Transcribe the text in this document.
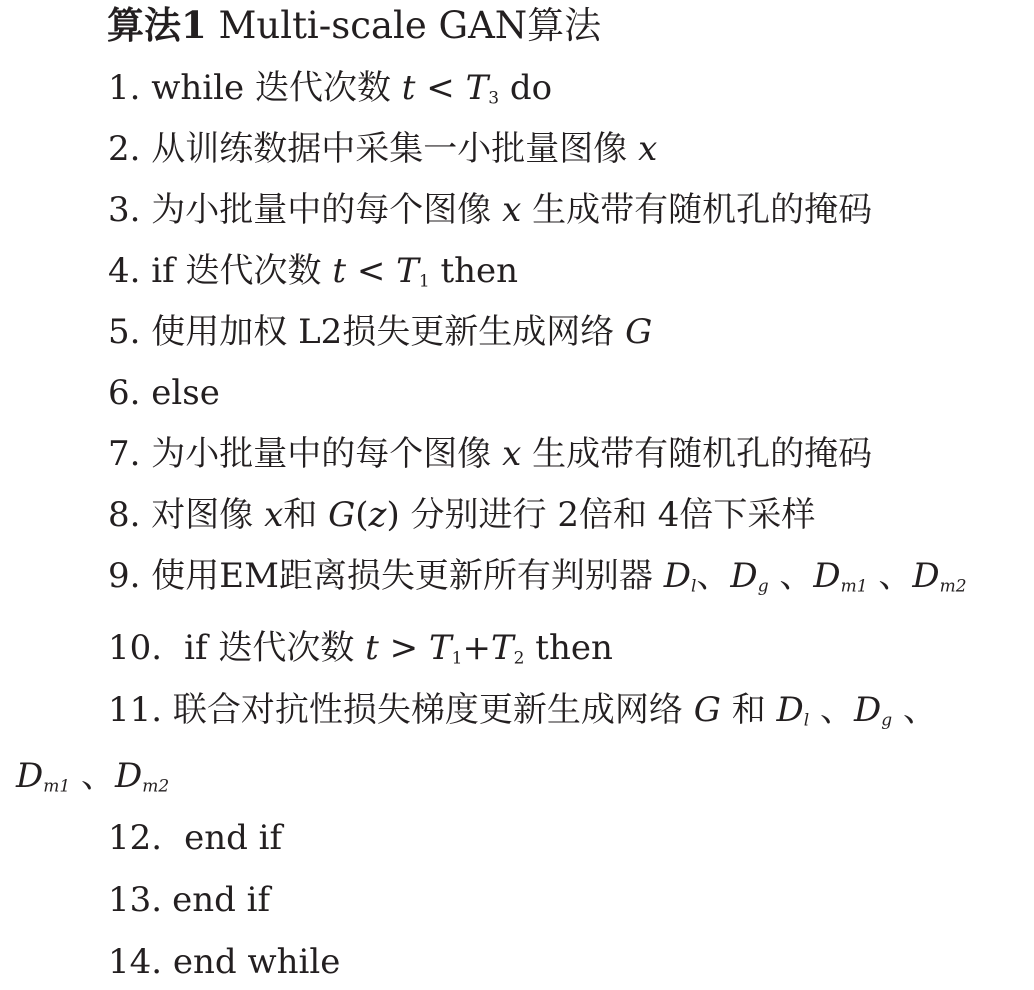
算法1 Multi-scale GAN算法
1. while 迭代次数 t < T3 do
2. 从训练数据中采集一小批量图像 x
3. 为小批量中的每个图像 x 生成带有随机孔的掩码
4. if 迭代次数 t < T1 then
5. 使用加权 L2损失更新生成网络 G
6. else
7. 为小批量中的每个图像 x 生成带有随机孔的掩码
8. 对图像 x和 G(z) 分别进行 2倍和 4倍下采样
9. 使用EM距离损失更新所有判别器 $D_l$、$D_g$ 、$D_{m1}$ 、$D_{m2}$
10. if 迭代次数 t > T1+T2 then
11. 联合对抗性损失梯度更新生成网络 G 和 $D_l$ 、$D_g$ 、
$D_{m1}$ 、$D_{m2}$
12. end if
13. end if
14. end while
